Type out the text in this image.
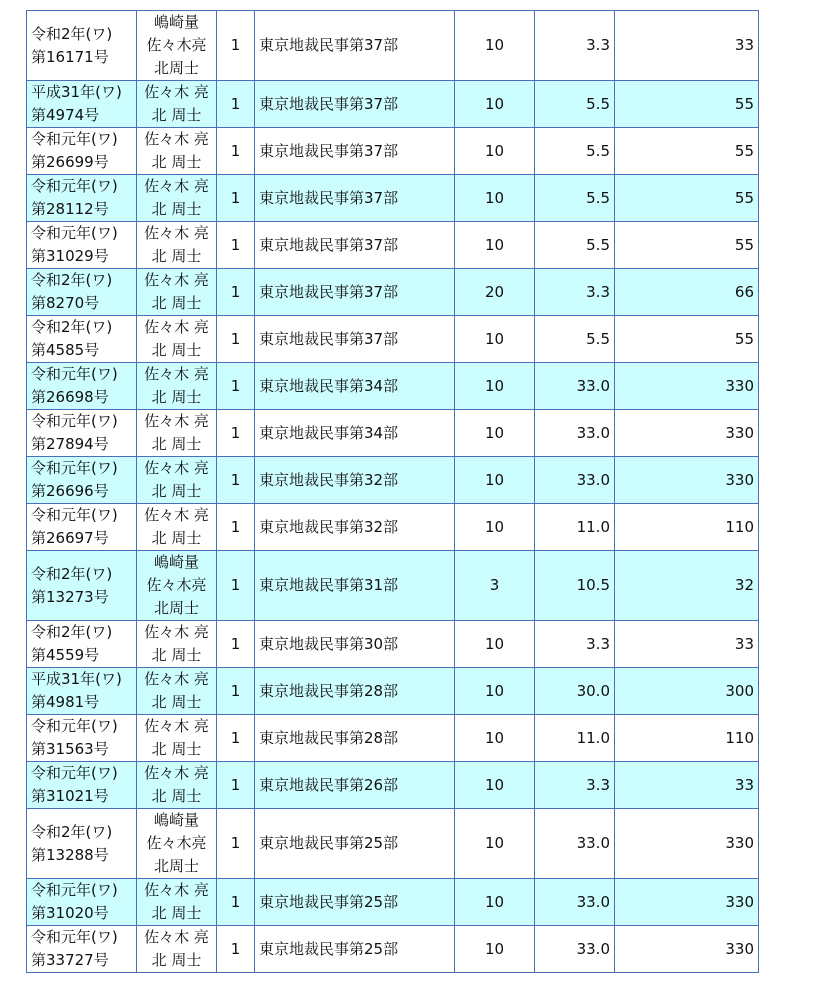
令和2年(ワ)
第16171号	嶋崎量
佐々木亮
北周士	1	東京地裁民事第37部	10	3.3	33

平成31年(ワ)
第4974号	佐々木 亮
北 周士	1	東京地裁民事第37部	10	5.5	55

令和元年(ワ)
第26699号	佐々木 亮
北 周士	1	東京地裁民事第37部	10	5.5	55

令和元年(ワ)
第28112号	佐々木 亮
北 周士	1	東京地裁民事第37部	10	5.5	55

令和元年(ワ)
第31029号	佐々木 亮
北 周士	1	東京地裁民事第37部	10	5.5	55

令和2年(ワ)
第8270号	佐々木 亮
北 周士	1	東京地裁民事第37部	20	3.3	66

令和2年(ワ)
第4585号	佐々木 亮
北 周士	1	東京地裁民事第37部	10	5.5	55

令和元年(ワ)
第26698号	佐々木 亮
北 周士	1	東京地裁民事第34部	10	33.0	330

令和元年(ワ)
第27894号	佐々木 亮
北 周士	1	東京地裁民事第34部	10	33.0	330

令和元年(ワ)
第26696号	佐々木 亮
北 周士	1	東京地裁民事第32部	10	33.0	330

令和元年(ワ)
第26697号	佐々木 亮
北 周士	1	東京地裁民事第32部	10	11.0	110

令和2年(ワ)
第13273号	嶋崎量
佐々木亮
北周士	1	東京地裁民事第31部	3	10.5	32

令和2年(ワ)
第4559号	佐々木 亮
北 周士	1	東京地裁民事第30部	10	3.3	33

平成31年(ワ)
第4981号	佐々木 亮
北 周士	1	東京地裁民事第28部	10	30.0	300

令和元年(ワ)
第31563号	佐々木 亮
北 周士	1	東京地裁民事第28部	10	11.0	110

令和元年(ワ)
第31021号	佐々木 亮
北 周士	1	東京地裁民事第26部	10	3.3	33

令和2年(ワ)
第13288号	嶋崎量
佐々木亮
北周士	1	東京地裁民事第25部	10	33.0	330

令和元年(ワ)
第31020号	佐々木 亮
北 周士	1	東京地裁民事第25部	10	33.0	330

令和元年(ワ)
第33727号	佐々木 亮
北 周士	1	東京地裁民事第25部	10	33.0	330
